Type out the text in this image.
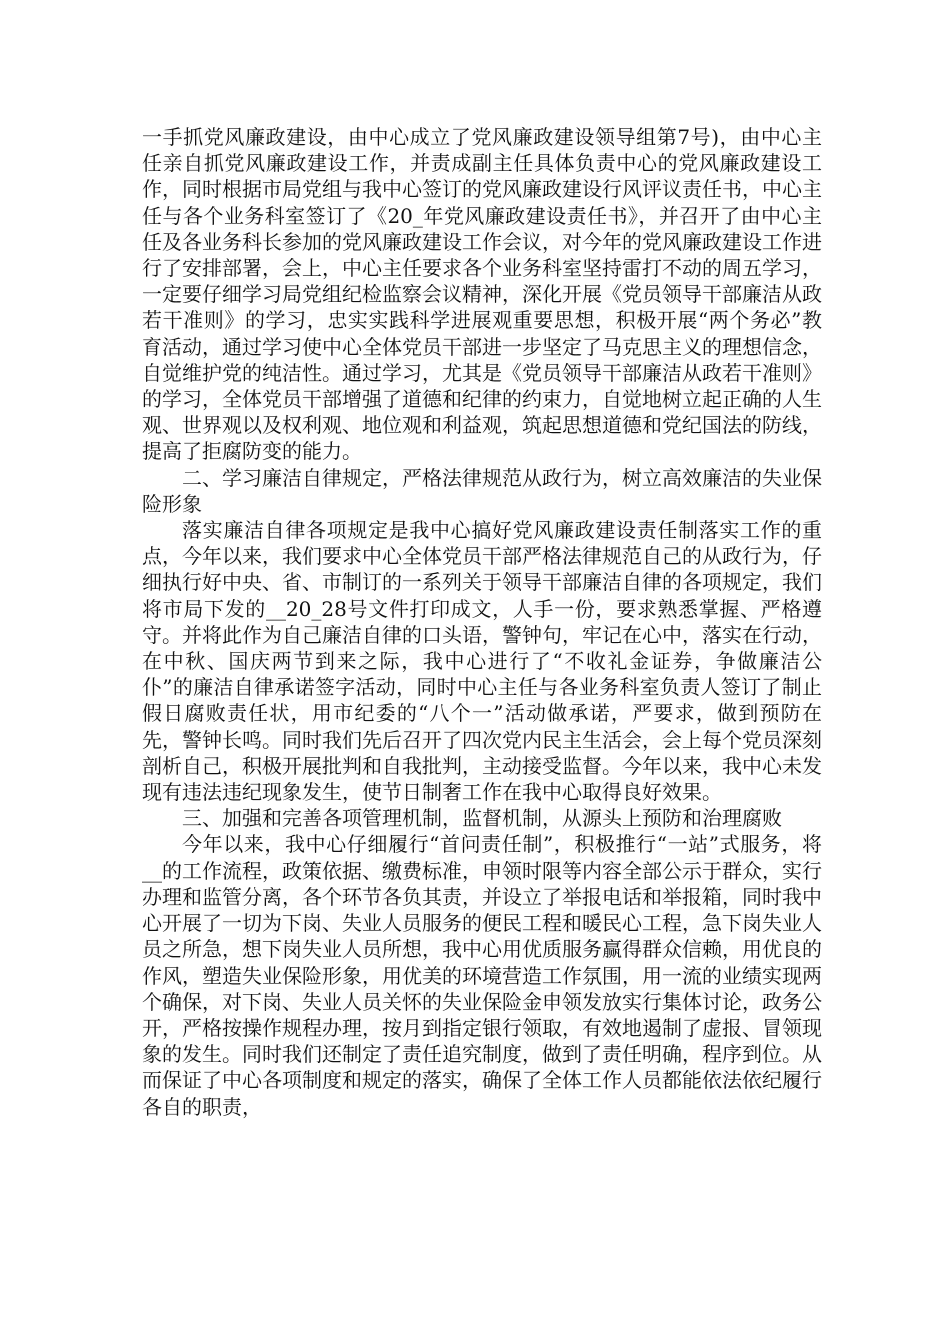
一手抓党风廉政建设，由中心成立了党风廉政建设领导组第7号)，由中心主任亲自抓党风廉政建设工作，并责成副主任具体负责中心的党风廉政建设工作，同时根据市局党组与我中心签订的党风廉政建设行风评议责任书，中心主任与各个业务科室签订了《20_年党风廉政建设责任书》，并召开了由中心主任及各业务科长参加的党风廉政建设工作会议，对今年的党风廉政建设工作进行了安排部署，会上，中心主任要求各个业务科室坚持雷打不动的周五学习，一定要仔细学习局党组纪检监察会议精神，深化开展《党员领导干部廉洁从政若干准则》的学习，忠实实践科学进展观重要思想，积极开展“两个务必”教育活动，通过学习使中心全体党员干部进一步坚定了马克思主义的理想信念，自觉维护党的纯洁性。通过学习，尤其是《党员领导干部廉洁从政若干准则》的学习，全体党员干部增强了道德和纪律的约束力，自觉地树立起正确的人生观、世界观以及权利观、地位观和利益观，筑起思想道德和党纪国法的防线，提高了拒腐防变的能力。

二、学习廉洁自律规定，严格法律规范从政行为，树立高效廉洁的失业保险形象

落实廉洁自律各项规定是我中心搞好党风廉政建设责任制落实工作的重点，今年以来，我们要求中心全体党员干部严格法律规范自己的从政行为，仔细执行好中央、省、市制订的一系列关于领导干部廉洁自律的各项规定，我们将市局下发的__20_28号文件打印成文，人手一份，要求熟悉掌握、严格遵守。并将此作为自己廉洁自律的口头语，警钟句，牢记在心中，落实在行动，在中秋、国庆两节到来之际，我中心进行了“不收礼金证券，争做廉洁公仆”的廉洁自律承诺签字活动，同时中心主任与各业务科室负责人签订了制止假日腐败责任状，用市纪委的“八个一”活动做承诺，严要求，做到预防在先，警钟长鸣。同时我们先后召开了四次党内民主生活会，会上每个党员深刻剖析自己，积极开展批判和自我批判，主动接受监督。今年以来，我中心未发现有违法违纪现象发生，使节日制奢工作在我中心取得良好效果。

三、加强和完善各项管理机制，监督机制，从源头上预防和治理腐败

今年以来，我中心仔细履行“首问责任制”，积极推行“一站”式服务，将__的工作流程，政策依据、缴费标准，申领时限等内容全部公示于群众，实行办理和监管分离，各个环节各负其责，并设立了举报电话和举报箱，同时我中心开展了一切为下岗、失业人员服务的便民工程和暖民心工程，急下岗失业人员之所急，想下岗失业人员所想，我中心用优质服务赢得群众信赖，用优良的作风，塑造失业保险形象，用优美的环境营造工作氛围，用一流的业绩实现两个确保，对下岗、失业人员关怀的失业保险金申领发放实行集体讨论，政务公开，严格按操作规程办理，按月到指定银行领取，有效地遏制了虚报、冒领现象的发生。同时我们还制定了责任追究制度，做到了责任明确，程序到位。从而保证了中心各项制度和规定的落实，确保了全体工作人员都能依法依纪履行各自的职责，
